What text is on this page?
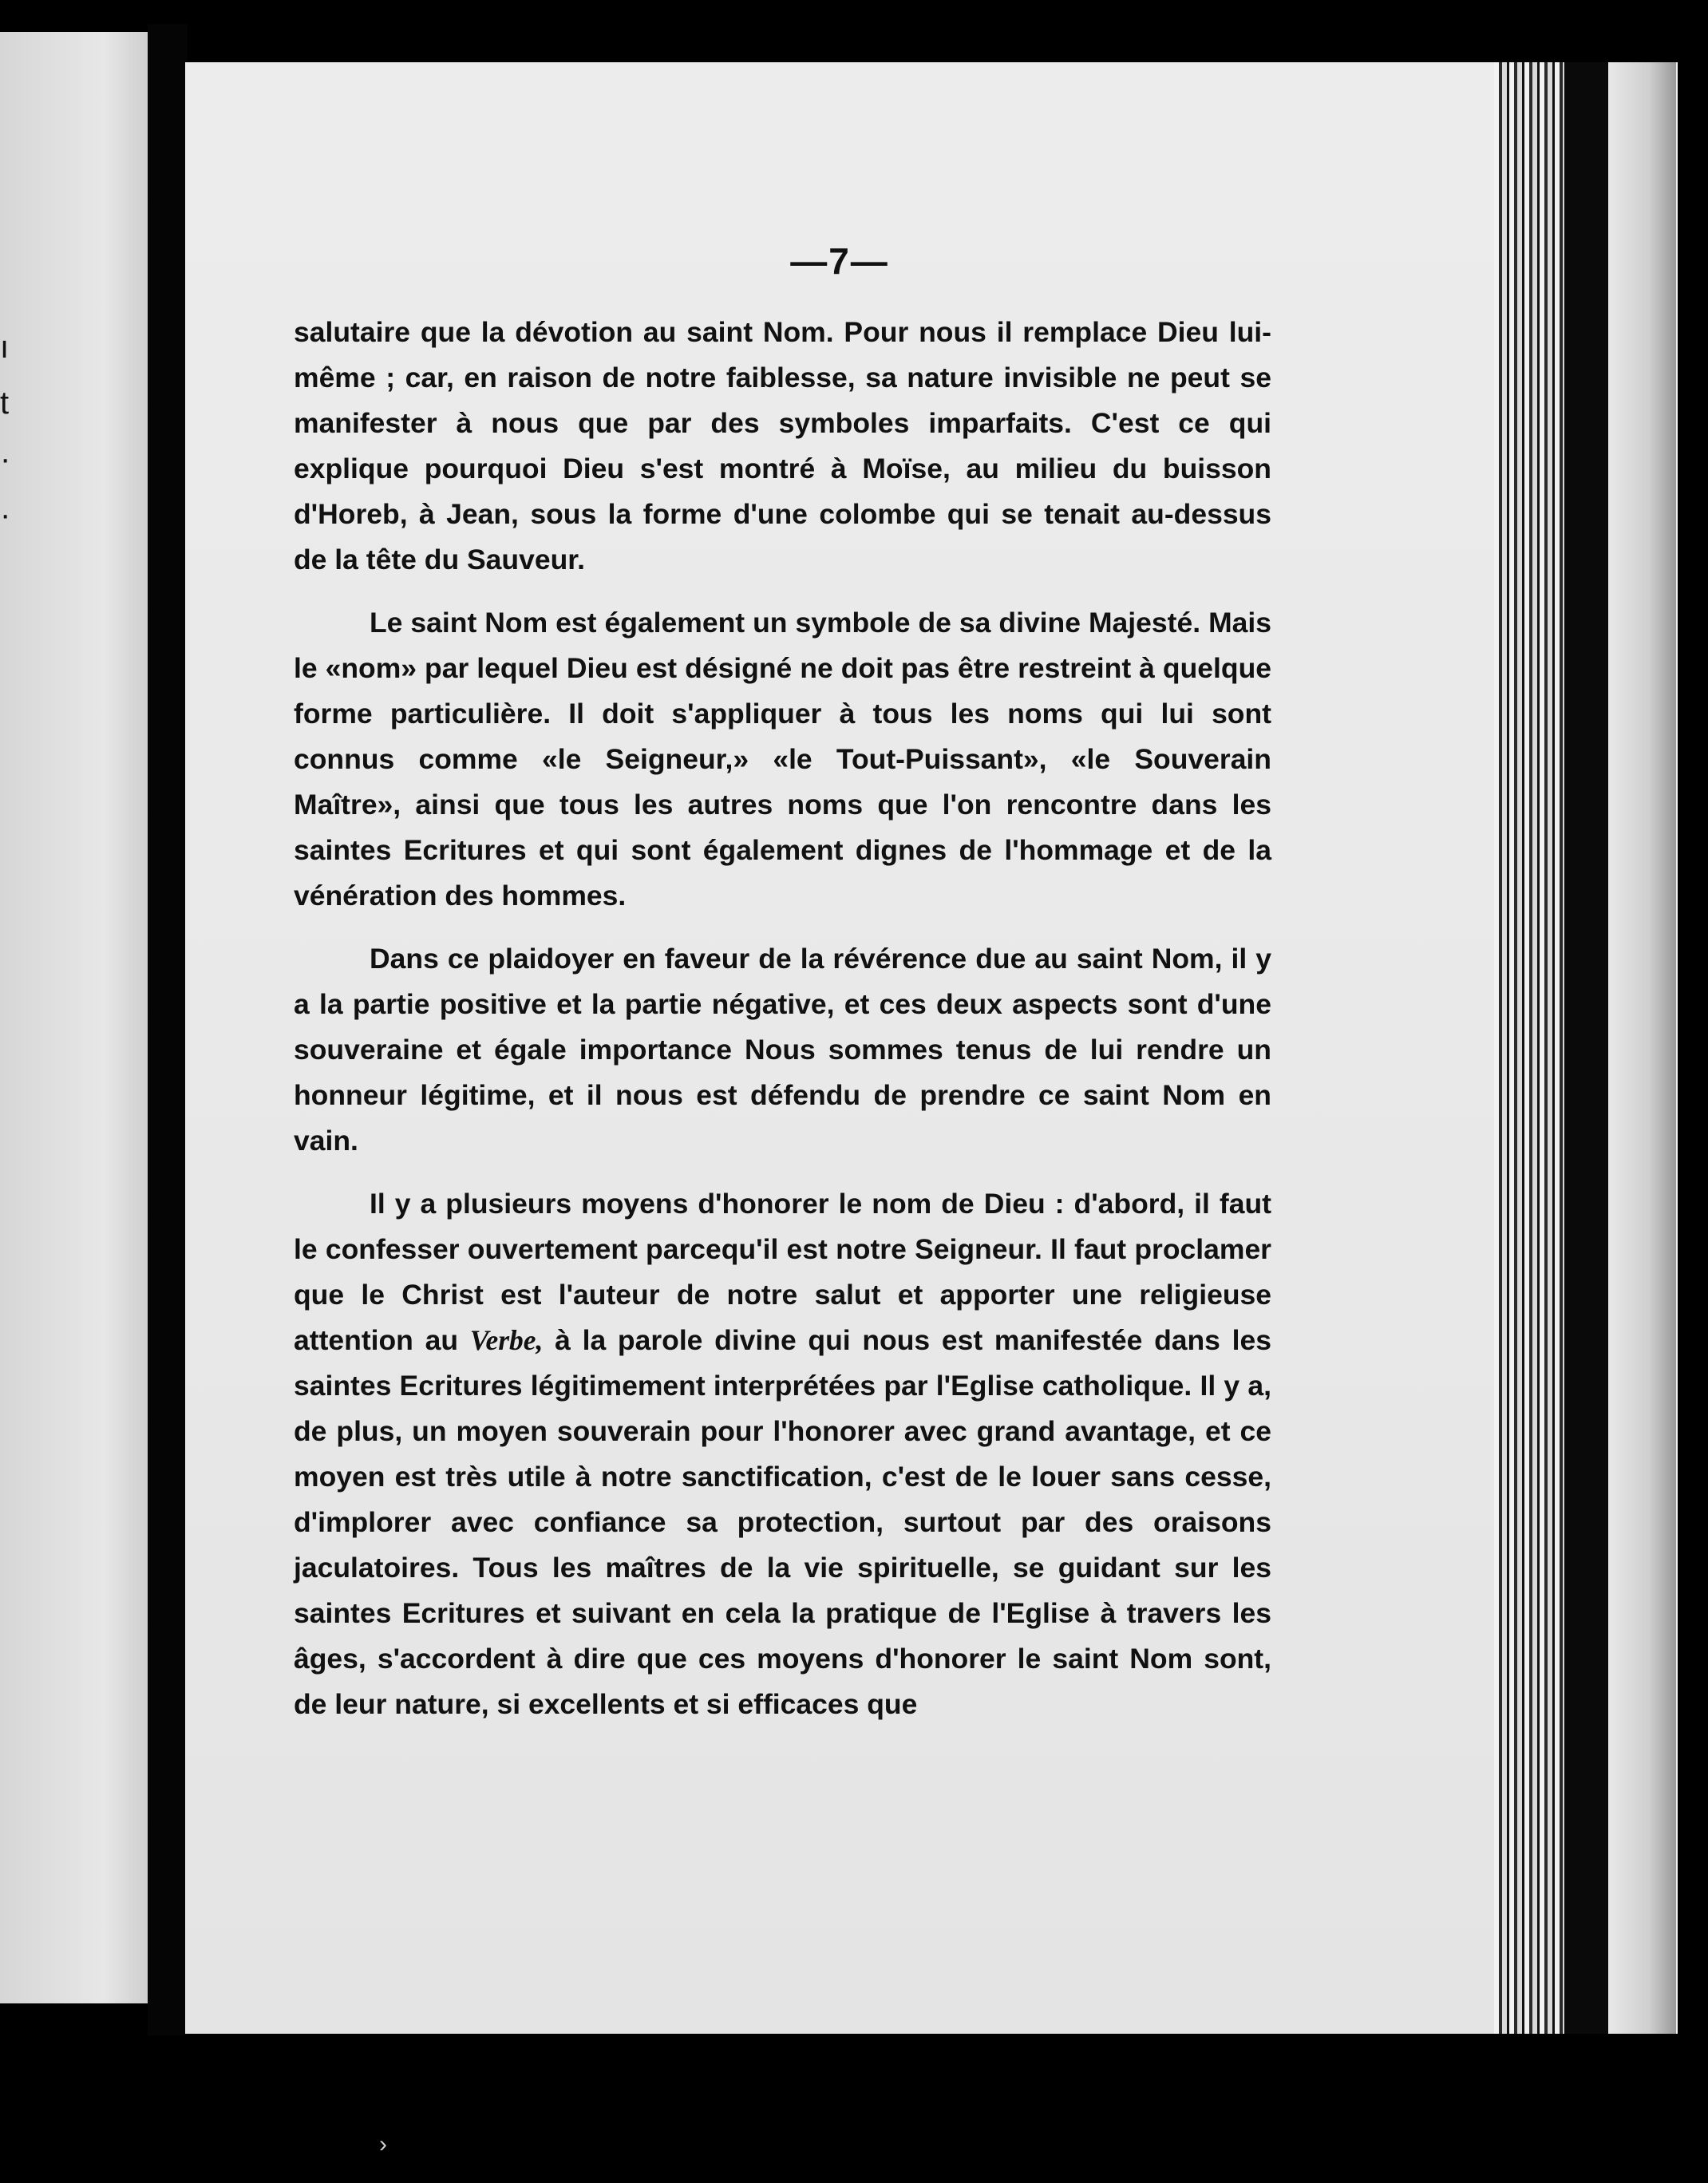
ı
t
·
·
—7—

salutaire que la dévotion au saint Nom. Pour nous il remplace Dieu lui-même ; car, en raison de notre faiblesse, sa nature invisible ne peut se manifester à nous que par des symboles imparfaits. C'est ce qui explique pourquoi Dieu s'est montré à Moïse, au milieu du buisson d'Horeb, à Jean, sous la forme d'une colombe qui se tenait au-dessus de la tête du Sauveur.

Le saint Nom est également un symbole de sa divine Majesté. Mais le «nom» par lequel Dieu est désigné ne doit pas être restreint à quelque forme particulière. Il doit s'appliquer à tous les noms qui lui sont connus comme «le Seigneur,» «le Tout-Puissant», «le Souverain Maître», ainsi que tous les autres noms que l'on rencontre dans les saintes Ecritures et qui sont également dignes de l'hommage et de la vénération des hommes.

Dans ce plaidoyer en faveur de la révérence due au saint Nom, il y a la partie positive et la partie négative, et ces deux aspects sont d'une souveraine et égale importance Nous sommes tenus de lui rendre un honneur légitime, et il nous est défendu de prendre ce saint Nom en vain.

Il y a plusieurs moyens d'honorer le nom de Dieu : d'abord, il faut le confesser ouvertement parcequ'il est notre Seigneur. Il faut proclamer que le Christ est l'auteur de notre salut et apporter une religieuse attention au Verbe, à la parole divine qui nous est manifestée dans les saintes Ecritures légitimement interprétées par l'Eglise catholique. Il y a, de plus, un moyen souverain pour l'honorer avec grand avantage, et ce moyen est très utile à notre sanctification, c'est de le louer sans cesse, d'implorer avec confiance sa protection, surtout par des oraisons jaculatoires. Tous les maîtres de la vie spirituelle, se guidant sur les saintes Ecritures et suivant en cela la pratique de l'Eglise à travers les âges, s'accordent à dire que ces moyens d'honorer le saint Nom sont, de leur nature, si excellents et si efficaces que

›
